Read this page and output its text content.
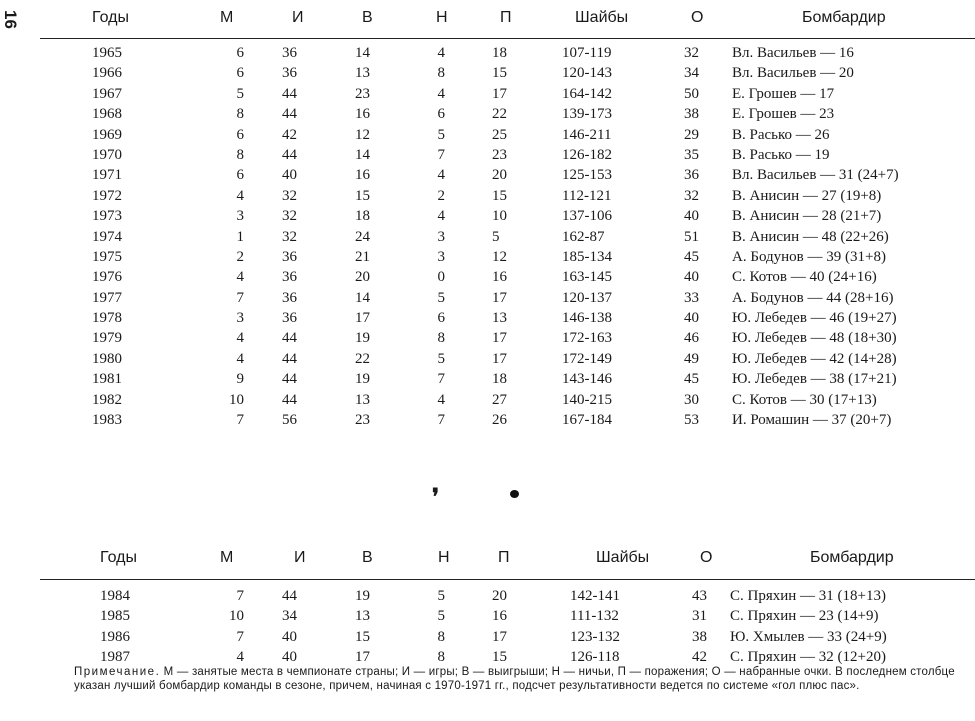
16	Годы	М	И	В	Н	П	Шайбы	О	Бомбардир
1965	6	36	14	4	18	107-119	32 Вл. Васильев — 16
1966	6	36	13	8	15	120-143	34 Вл. Васильев — 20
1967	5	44	23	4	17	164-142	50 Е. Грошев — 17
1968	8	44	16	6	22	139-173	38 Е. Грошев — 23
1969	6	42	12	5	25	146-211	29 В. Расько — 26
1970	8	44	14	7	23	126-182	35 В. Расько — 19
1971	6	40	16	4	20	125-153	36 Вл. Васильев — 31 (24+7)
1972	4	32	15	2	15	112-121	32 В. Анисин — 27 (19+8)
1973	3	32	18	4	10	137-106	40 В. Анисин — 28 (21+7)
1974	1	32	24	3	5	162-87	51 В. Анисин — 48 (22+26)
1975	2	36	21	3	12	185-134	45 А. Бодунов — 39 (31+8)
1976	4	36	20	0	16	163-145	40 С. Котов — 40 (24+16)
1977	7	36	14	5	17	120-137	33 А. Бодунов — 44 (28+16)
1978	3	36	17	6	13	146-138	40 Ю. Лебедев — 46 (19+27)
1979	4	44	19	8	17	172-163	46 Ю. Лебедев — 48 (18+30)
1980	4	44	22	5	17	172-149	49 Ю. Лебедев — 42 (14+28)
1981	9	44	19	7	18	143-146	45 Ю. Лебедев — 38 (17+21)
1982	10	44	13	4	27	140-215	30 С. Котов — 30 (17+13)
1983	7	56	23	7	26	167-184	53 И. Ромашин — 37 (20+7)
❜
Годы	М	И	В	Н	П	Шайбы	О	Бомбардир
1984	7	44	19	5	20	142-141	43 С. Пряхин — 31 (18+13)
1985	10	34	13	5	16	111-132	31 С. Пряхин — 23 (14+9)
1986	7	40	15	8	17	123-132	38 Ю. Хмылев — 33 (24+9)
1987	4	40	17	8	15	126-118	42 С. Пряхин — 32 (12+20)
Примечание. М — занятые места в чемпионате страны; И — игры; В — выигрыши; Н — ничьи, П — поражения; О — набранные очки. В последнем столбце указан лучший бомбардир команды в сезоне, причем, начиная с 1970-1971 гг., подсчет результативности ведется по системе «гол плюс пас».
